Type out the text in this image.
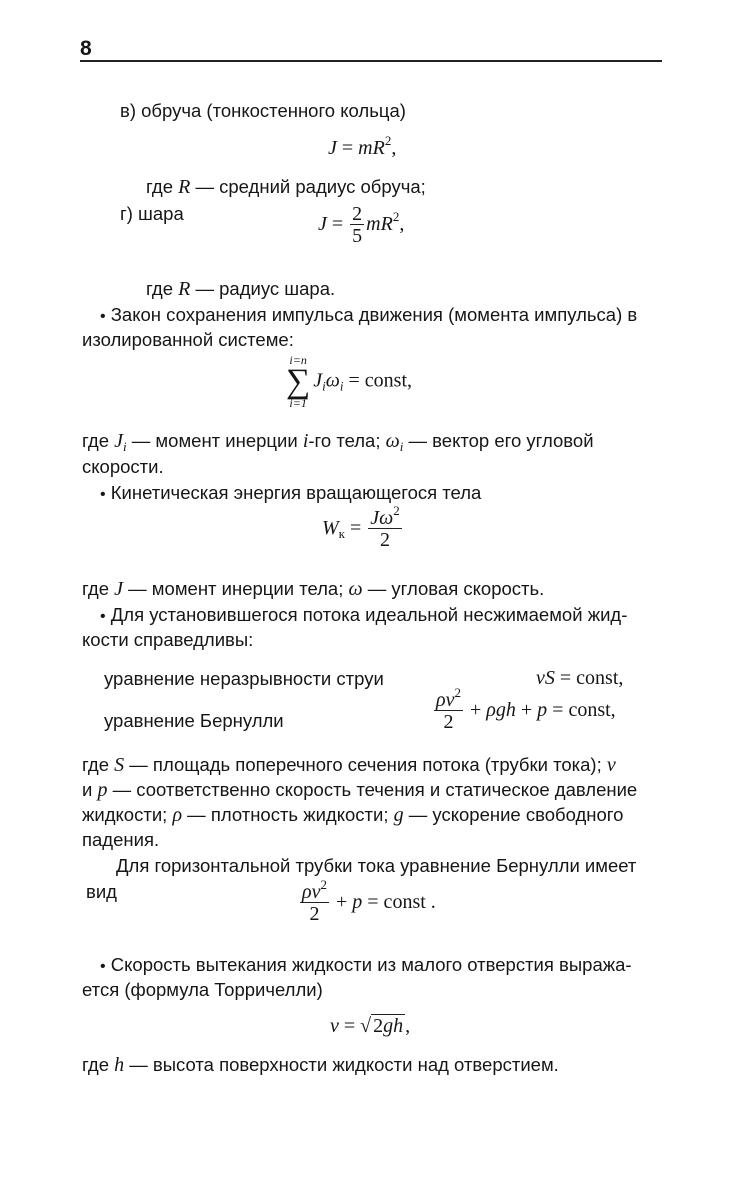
8
в) обруча (тонкостенного кольца)
$J = mR^2$,
где R — средний радиус обруча;
г) шара	$J = \frac{2}{5} mR^2$,
где R — радиус шара.
• Закон сохранения импульса движения (момента импульса) в
изолированной системе:
i=n
∑
i=1
$J_i\omega_i$ = const,
где $J_i$ — момент инерции i-го тела; $\omega_i$ — вектор его угловой
скорости.
• Кинетическая энергия вращающегося тела
$W_к = \frac{J\omega^2}{2}$
где J — момент инерции тела; ω — угловая скорость.
• Для установившегося потока идеальной несжимаемой жид-
кости справедливы:
уравнение неразрывности струи	vS = const,
уравнение Бернулли	$\frac{\rho v^2}{2} + \rho gh + p$ = const,
где S — площадь поперечного сечения потока (трубки тока); v
и p — соответственно скорость течения и статическое давление
жидкости; ρ — плотность жидкости; g — ускорение свободного
падения.
Для горизонтальной трубки тока уравнение Бернулли имеет
вид	$\frac{\rho v^2}{2} + p$ = const .
• Скорость вытекания жидкости из малого отверстия выража-
ется (формула Торричелли)
v = √ 2gh ,
где h — высота поверхности жидкости над отверстием.
